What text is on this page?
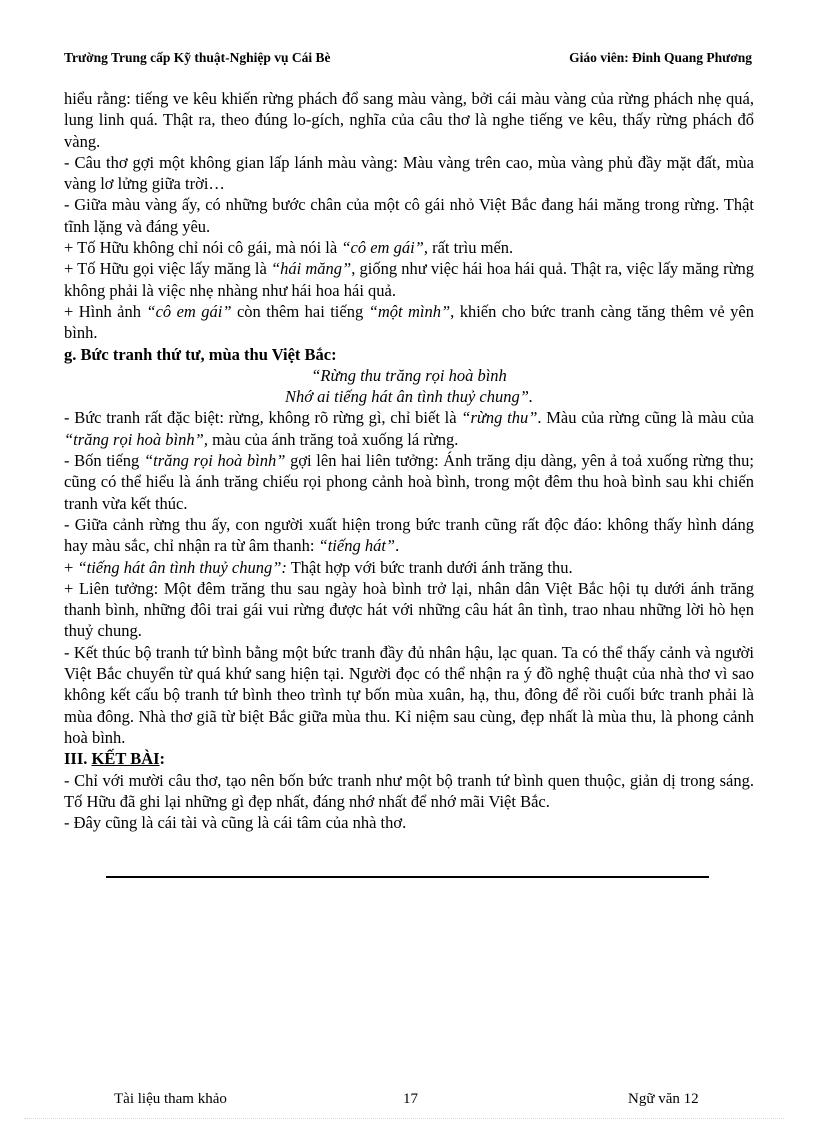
Trường Trung cấp Kỹ thuật-Nghiệp vụ Cái Bè	Giáo viên: Đinh Quang Phương

hiểu rằng: tiếng ve kêu khiến rừng phách đổ sang màu vàng, bởi cái màu vàng của rừng phách nhẹ quá, lung linh quá. Thật ra, theo đúng lo-gích, nghĩa của câu thơ là nghe tiếng ve kêu, thấy rừng phách đổ vàng.

- Câu thơ gợi một không gian lấp lánh màu vàng: Màu vàng trên cao, mùa vàng phủ đầy mặt đất, mùa vàng lơ lửng giữa trời…

- Giữa màu vàng ấy, có những bước chân của một cô gái nhỏ Việt Bắc đang hái măng trong rừng. Thật tĩnh lặng và đáng yêu.

+ Tố Hữu không chỉ nói cô gái, mà nói là “cô em gái”, rất trìu mến.

+ Tố Hữu gọi việc lấy măng là “hái măng”, giống như việc hái hoa hái quả. Thật ra, việc lấy măng rừng không phải là việc nhẹ nhàng như hái hoa hái quả.

+ Hình ảnh “cô em gái” còn thêm hai tiếng “một mình”, khiến cho bức tranh càng tăng thêm vẻ yên bình.

g. Bức tranh thứ tư, mùa thu Việt Bắc:

“Rừng thu trăng rọi hoà bình

Nhớ ai tiếng hát ân tình thuỷ chung”.

- Bức tranh rất đặc biệt: rừng, không rõ rừng gì, chỉ biết là “rừng thu”. Màu của rừng cũng là màu của “trăng rọi hoà bình”, màu của ánh trăng toả xuống lá rừng.

- Bốn tiếng “trăng rọi hoà bình” gợi lên hai liên tưởng: Ánh trăng dịu dàng, yên ả toả xuống rừng thu; cũng có thể hiểu là ánh trăng chiếu rọi phong cảnh hoà bình, trong một đêm thu hoà bình sau khi chiến tranh vừa kết thúc.

- Giữa cảnh rừng thu ấy, con người xuất hiện trong bức tranh cũng rất độc đáo: không thấy hình dáng hay màu sắc, chỉ nhận ra từ âm thanh: “tiếng hát”.

+ “tiếng hát ân tình thuỷ chung”: Thật hợp với bức tranh dưới ánh trăng thu.

+ Liên tưởng: Một đêm trăng thu sau ngày hoà bình trở lại, nhân dân Việt Bắc hội tụ dưới ánh trăng thanh bình, những đôi trai gái vui rừng được hát với những câu hát ân tình, trao nhau những lời hò hẹn thuỷ chung.

- Kết thúc bộ tranh tứ bình bằng một bức tranh đầy đủ nhân hậu, lạc quan. Ta có thể thấy cảnh và người Việt Bắc chuyển từ quá khứ sang hiện tại. Người đọc có thể nhận ra ý đồ nghệ thuật của nhà thơ vì sao không kết cấu bộ tranh tứ bình theo trình tự bốn mùa xuân, hạ, thu, đông để rồi cuối bức tranh phải là mùa đông. Nhà thơ giã từ biệt Bắc giữa mùa thu. Kỉ niệm sau cùng, đẹp nhất là mùa thu, là phong cảnh hoà bình.

III. KẾT BÀI:

- Chỉ với mười câu thơ, tạo nên bốn bức tranh như một bộ tranh tứ bình quen thuộc, giản dị trong sáng. Tố Hữu đã ghi lại những gì đẹp nhất, đáng nhớ nhất để nhớ mãi Việt Bắc.

- Đây cũng là cái tài và cũng là cái tâm của nhà thơ.

Tài liệu tham khảo	17	Ngữ văn 12
